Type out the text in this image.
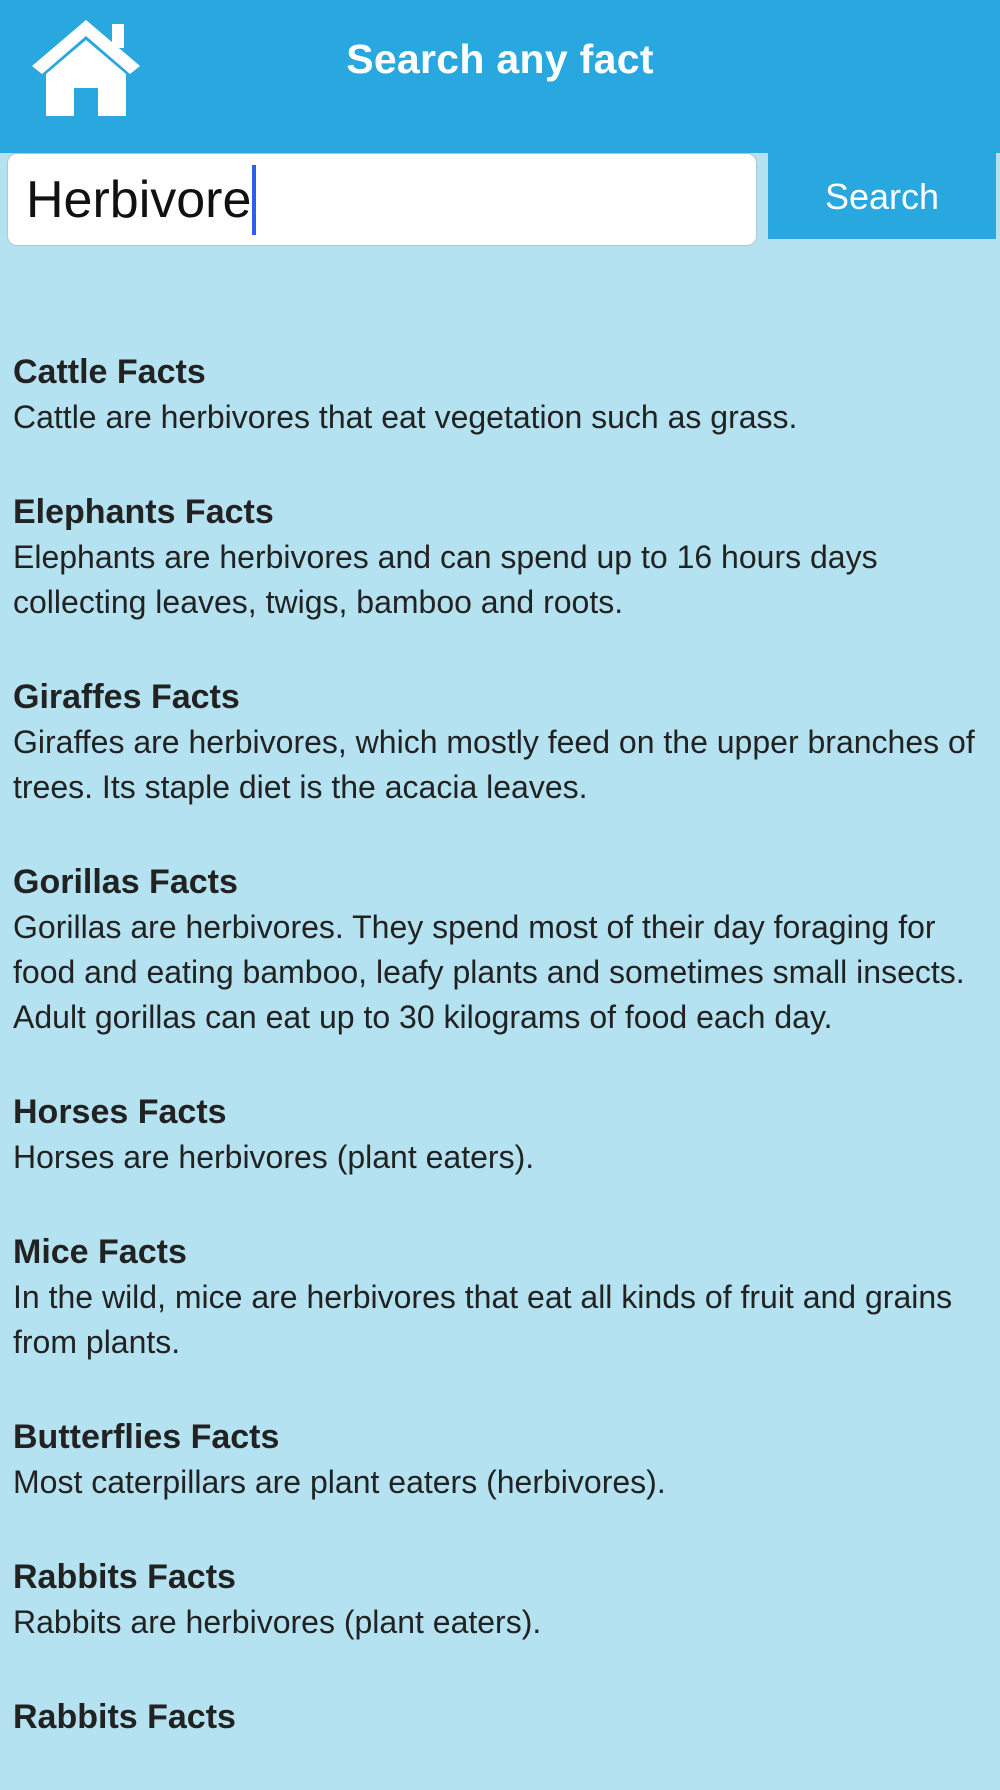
Search any fact
Herbivore	Search
Cattle Facts
Cattle are herbivores that eat vegetation such as grass.
Elephants Facts
Elephants are herbivores and can spend up to 16 hours days collecting leaves, twigs, bamboo and roots.
Giraffes Facts
Giraffes are herbivores, which mostly feed on the upper branches of trees. Its staple diet is the acacia leaves.
Gorillas Facts
Gorillas are herbivores. They spend most of their day foraging for food and eating bamboo, leafy plants and sometimes small insects. Adult gorillas can eat up to 30 kilograms of food each day.
Horses Facts
Horses are herbivores (plant eaters).
Mice Facts
In the wild, mice are herbivores that eat all kinds of fruit and grains from plants.
Butterflies Facts
Most caterpillars are plant eaters (herbivores).
Rabbits Facts
Rabbits are herbivores (plant eaters).
Rabbits Facts
